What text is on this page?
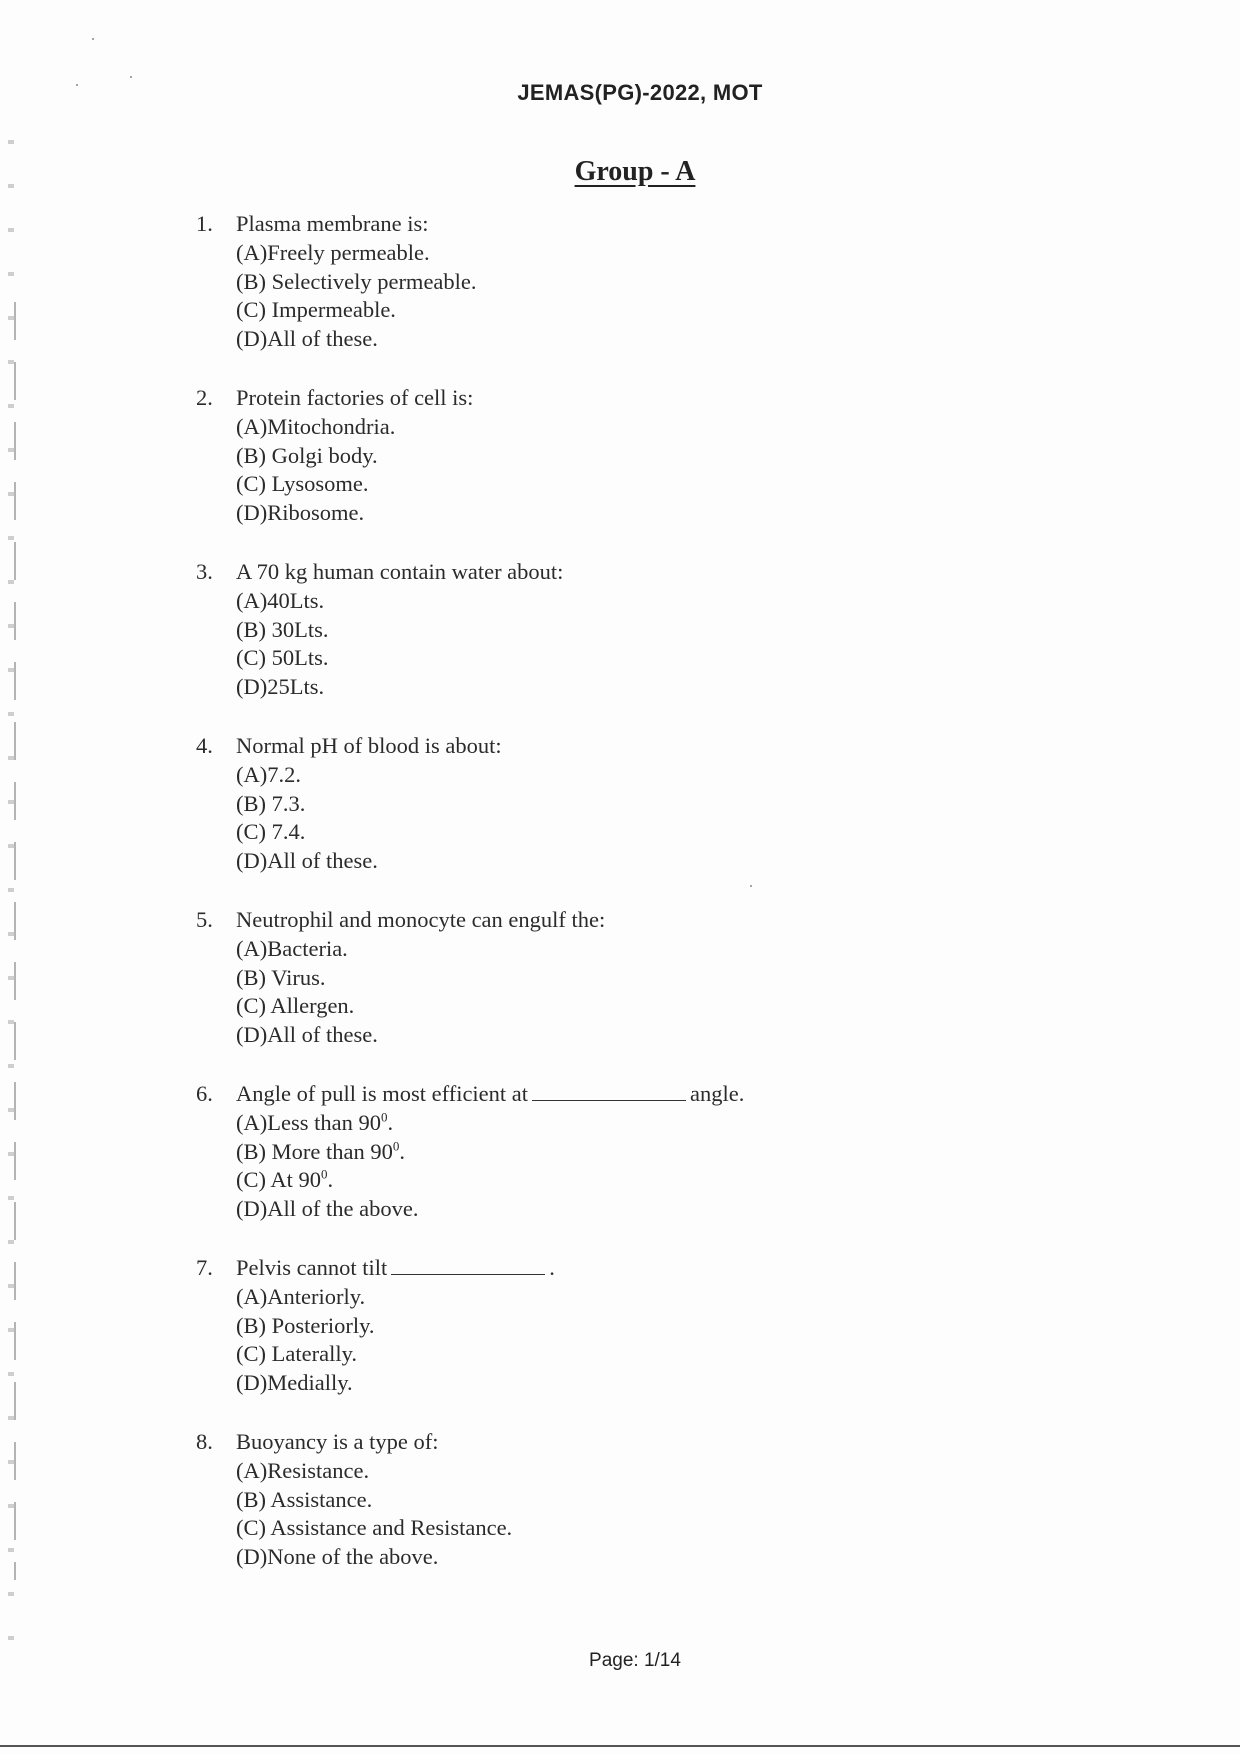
JEMAS(PG)-2022, MOT
Group - A
1. Plasma membrane is:
(A)Freely permeable.
(B) Selectively permeable.
(C) Impermeable.
(D)All of these.
2. Protein factories of cell is:
(A)Mitochondria.
(B) Golgi body.
(C) Lysosome.
(D)Ribosome.
3. A 70 kg human contain water about:
(A)40Lts.
(B) 30Lts.
(C) 50Lts.
(D)25Lts.
4. Normal pH of blood is about:
(A)7.2.
(B) 7.3.
(C) 7.4.
(D)All of these.
5. Neutrophil and monocyte can engulf the:
(A)Bacteria.
(B) Virus.
(C) Allergen.
(D)All of these.
6. Angle of pull is most efficient at	angle.
(A)Less than $90^0$.
(B) More than $90^0$.
(C) At $90^0$.
(D)All of the above.
7. Pelvis cannot tilt	.
(A)Anteriorly.
(B) Posteriorly.
(C) Laterally.
(D)Medially.
8. Buoyancy is a type of:
(A)Resistance.
(B) Assistance.
(C) Assistance and Resistance.
(D)None of the above.
Page: 1/14
